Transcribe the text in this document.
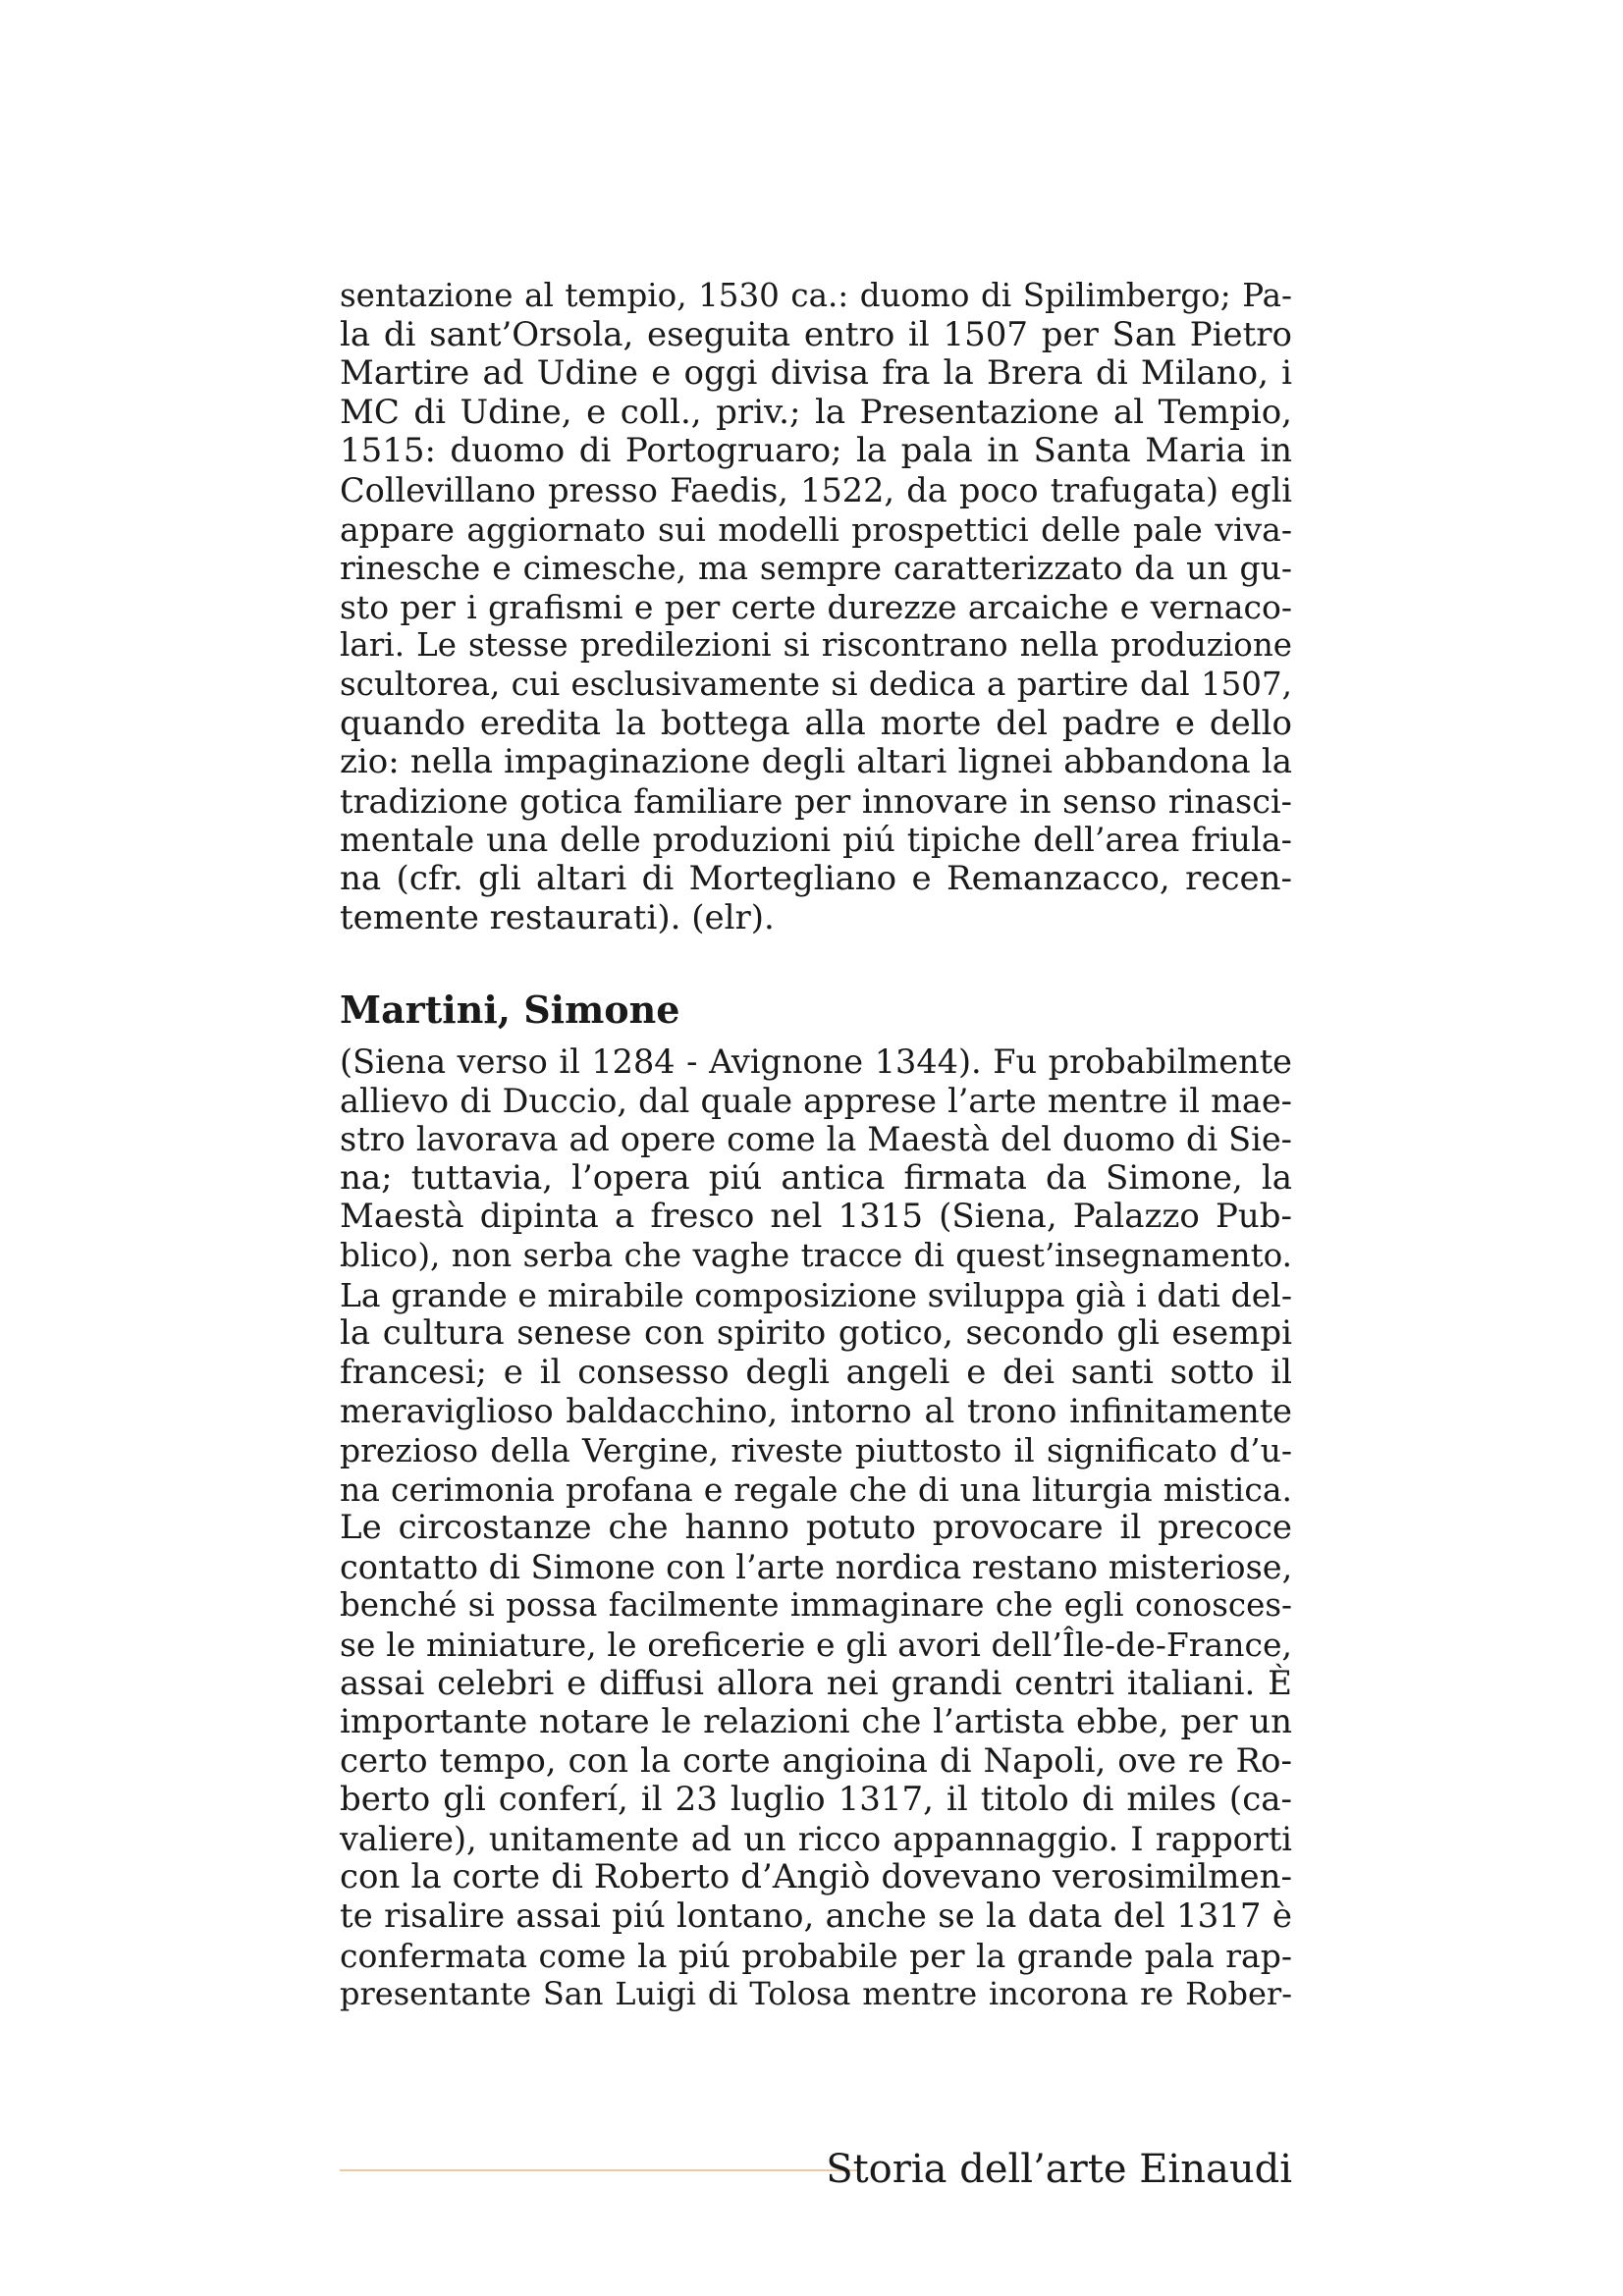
sentazione al tempio, 1530 ca.: duomo di Spilimbergo; Pa-
la di sant’Orsola, eseguita entro il 1507 per San Pietro
Martire ad Udine e oggi divisa fra la Brera di Milano, i
MC di Udine, e coll., priv.; la Presentazione al Tempio,
1515: duomo di Portogruaro; la pala in Santa Maria in
Collevillano presso Faedis, 1522, da poco trafugata) egli
appare aggiornato sui modelli prospettici delle pale viva-
rinesche e cimesche, ma sempre caratterizzato da un gu-
sto per i grafismi e per certe durezze arcaiche e vernaco-
lari. Le stesse predilezioni si riscontrano nella produzione
scultorea, cui esclusivamente si dedica a partire dal 1507,
quando eredita la bottega alla morte del padre e dello
zio: nella impaginazione degli altari lignei abbandona la
tradizione gotica familiare per innovare in senso rinasci-
mentale una delle produzioni piú tipiche dell’area friula-
na (cfr. gli altari di Mortegliano e Remanzacco, recen-
temente restaurati). (elr).
Martini, Simone
(Siena verso il 1284 - Avignone 1344). Fu probabilmente
allievo di Duccio, dal quale apprese l’arte mentre il mae-
stro lavorava ad opere come la Maestà del duomo di Sie-
na; tuttavia, l’opera piú antica firmata da Simone, la
Maestà dipinta a fresco nel 1315 (Siena, Palazzo Pub-
blico), non serba che vaghe tracce di quest’insegnamento.
La grande e mirabile composizione sviluppa già i dati del-
la cultura senese con spirito gotico, secondo gli esempi
francesi; e il consesso degli angeli e dei santi sotto il
meraviglioso baldacchino, intorno al trono infinitamente
prezioso della Vergine, riveste piuttosto il significato d’u-
na cerimonia profana e regale che di una liturgia mistica.
Le circostanze che hanno potuto provocare il precoce
contatto di Simone con l’arte nordica restano misteriose,
benché si possa facilmente immaginare che egli conosces-
se le miniature, le oreficerie e gli avori dell’Île-de-France,
assai celebri e diffusi allora nei grandi centri italiani. È
importante notare le relazioni che l’artista ebbe, per un
certo tempo, con la corte angioina di Napoli, ove re Ro-
berto gli conferí, il 23 luglio 1317, il titolo di miles (ca-
valiere), unitamente ad un ricco appannaggio. I rapporti
con la corte di Roberto d’Angiò dovevano verosimilmen-
te risalire assai piú lontano, anche se la data del 1317 è
confermata come la piú probabile per la grande pala rap-
presentante San Luigi di Tolosa mentre incorona re Rober-
Storia dell’arte Einaudi
